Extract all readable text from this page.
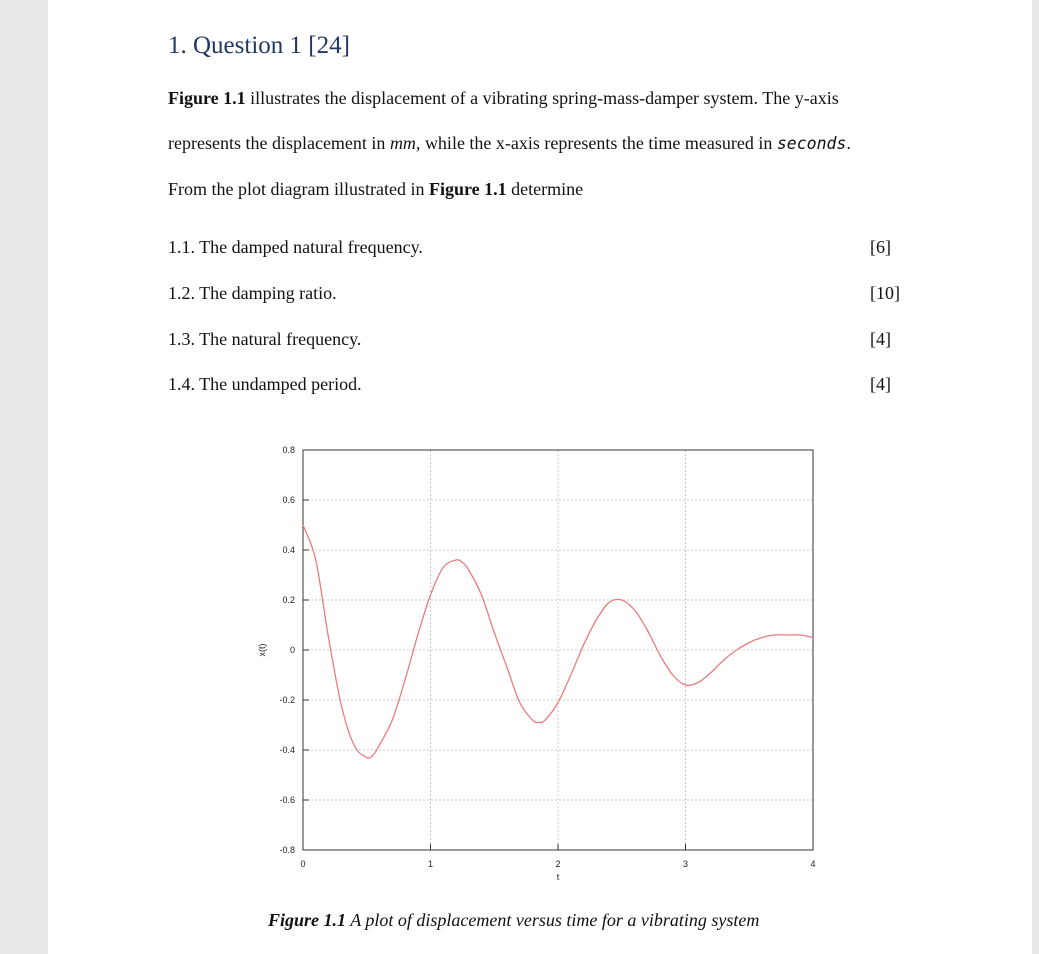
1. Question 1 [24]
Figure 1.1 illustrates the displacement of a vibrating spring-mass-damper system. The y-axis
represents the displacement in mm, while the x-axis represents the time measured in seconds.
From the plot diagram illustrated in Figure 1.1 determine
1.1. The damped natural frequency.	[6]
1.2. The damping ratio.	[10]
1.3. The natural frequency.	[4]
1.4. The undamped period.	[4]
0.8
0.6
0.4
0.2
0
-0.2
-0.4
-0.6
-0.8
0	1	2	3	4
t
x(t)
Figure 1.1 A plot of displacement versus time for a vibrating system
